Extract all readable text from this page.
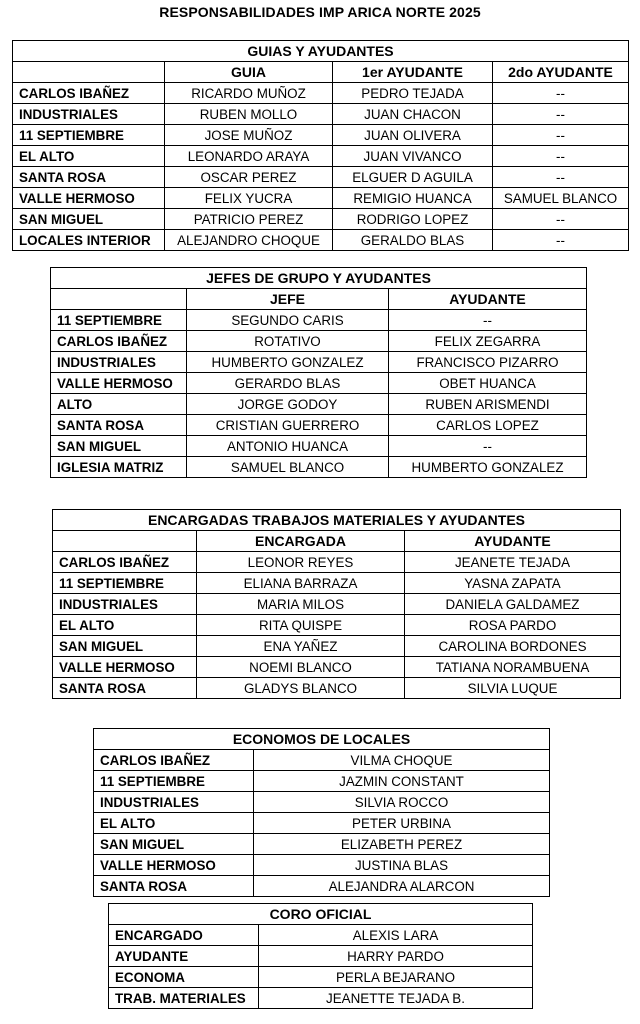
RESPONSABILIDADES IMP ARICA NORTE 2025
GUIAS Y AYUDANTES			
	GUIA	1er AYUDANTE	2do AYUDANTE
CARLOS IBAÑEZ	RICARDO MUÑOZ	PEDRO TEJADA	--
INDUSTRIALES	RUBEN MOLLO	JUAN CHACON	--
11 SEPTIEMBRE	JOSE MUÑOZ	JUAN OLIVERA	--
EL ALTO	LEONARDO ARAYA	JUAN VIVANCO	--
SANTA ROSA	OSCAR PEREZ	ELGUER D AGUILA	--
VALLE HERMOSO	FELIX YUCRA	REMIGIO HUANCA	SAMUEL BLANCO
SAN MIGUEL	PATRICIO PEREZ	RODRIGO LOPEZ	--
LOCALES INTERIOR	ALEJANDRO CHOQUE	GERALDO BLAS	--
JEFES DE GRUPO Y AYUDANTES		
	JEFE	AYUDANTE
11 SEPTIEMBRE	SEGUNDO CARIS	--
CARLOS IBAÑEZ	ROTATIVO	FELIX ZEGARRA
INDUSTRIALES	HUMBERTO GONZALEZ	FRANCISCO PIZARRO
VALLE HERMOSO	GERARDO BLAS	OBET HUANCA
ALTO	JORGE GODOY	RUBEN ARISMENDI
SANTA ROSA	CRISTIAN GUERRERO	CARLOS LOPEZ
SAN MIGUEL	ANTONIO HUANCA	--
IGLESIA MATRIZ	SAMUEL BLANCO	HUMBERTO GONZALEZ
ENCARGADAS TRABAJOS MATERIALES Y AYUDANTES		
	ENCARGADA	AYUDANTE
CARLOS IBAÑEZ	LEONOR REYES	JEANETE TEJADA
11 SEPTIEMBRE	ELIANA BARRAZA	YASNA ZAPATA
INDUSTRIALES	MARIA MILOS	DANIELA GALDAMEZ
EL ALTO	RITA QUISPE	ROSA PARDO
SAN MIGUEL	ENA YAÑEZ	CAROLINA BORDONES
VALLE HERMOSO	NOEMI BLANCO	TATIANA NORAMBUENA
SANTA ROSA	GLADYS BLANCO	SILVIA LUQUE
ECONOMOS DE LOCALES	
CARLOS IBAÑEZ	VILMA CHOQUE
11 SEPTIEMBRE	JAZMIN CONSTANT
INDUSTRIALES	SILVIA ROCCO
EL ALTO	PETER URBINA
SAN MIGUEL	ELIZABETH PEREZ
VALLE HERMOSO	JUSTINA BLAS
SANTA ROSA	ALEJANDRA ALARCON
CORO OFICIAL	
ENCARGADO	ALEXIS LARA
AYUDANTE	HARRY PARDO
ECONOMA	PERLA BEJARANO
TRAB. MATERIALES	JEANETTE TEJADA B.
